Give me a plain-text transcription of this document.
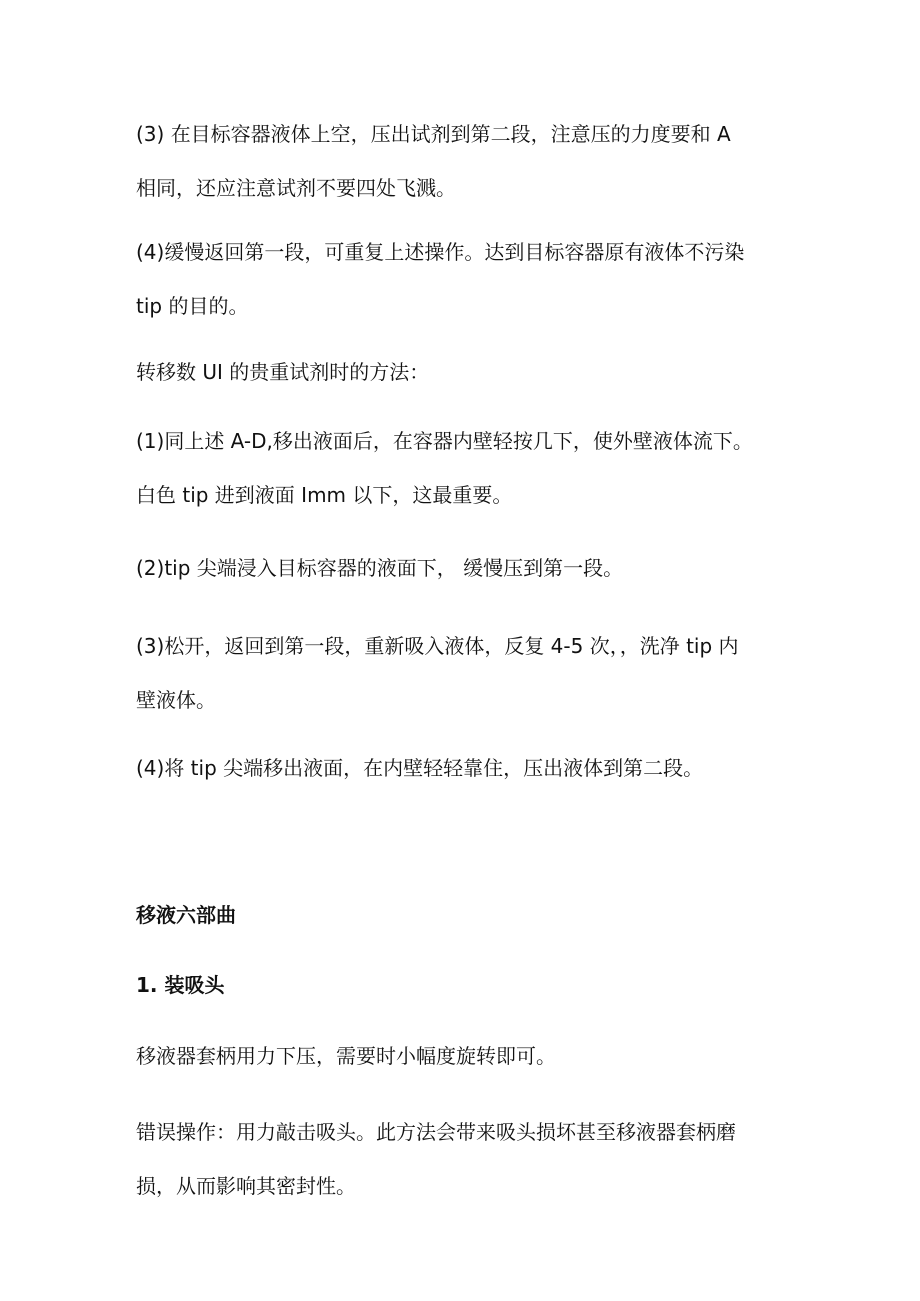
(3) 在目标容器液体上空，压出试剂到第二段，注意压的力度要和 A
相同，还应注意试剂不要四处飞溅。

(4)缓慢返回第一段，可重复上述操作。达到目标容器原有液体不污染
tip 的目的。

转移数 UI 的贵重试剂时的方法：

(1)同上述 A-D,移出液面后，在容器内壁轻按几下，使外壁液体流下。
白色 tip 进到液面 Imm 以下，这最重要。

(2)tip 尖端浸入目标容器的液面下， 缓慢压到第一段。

(3)松开，返回到第一段，重新吸入液体，反复 4-5 次，，洗净 tip 内
壁液体。

(4)将 tip 尖端移出液面，在内壁轻轻靠住，压出液体到第二段。

移液六部曲

1. 装吸头

移液器套柄用力下压，需要时小幅度旋转即可。

错误操作：用力敲击吸头。此方法会带来吸头损坏甚至移液器套柄磨
损，从而影响其密封性。
